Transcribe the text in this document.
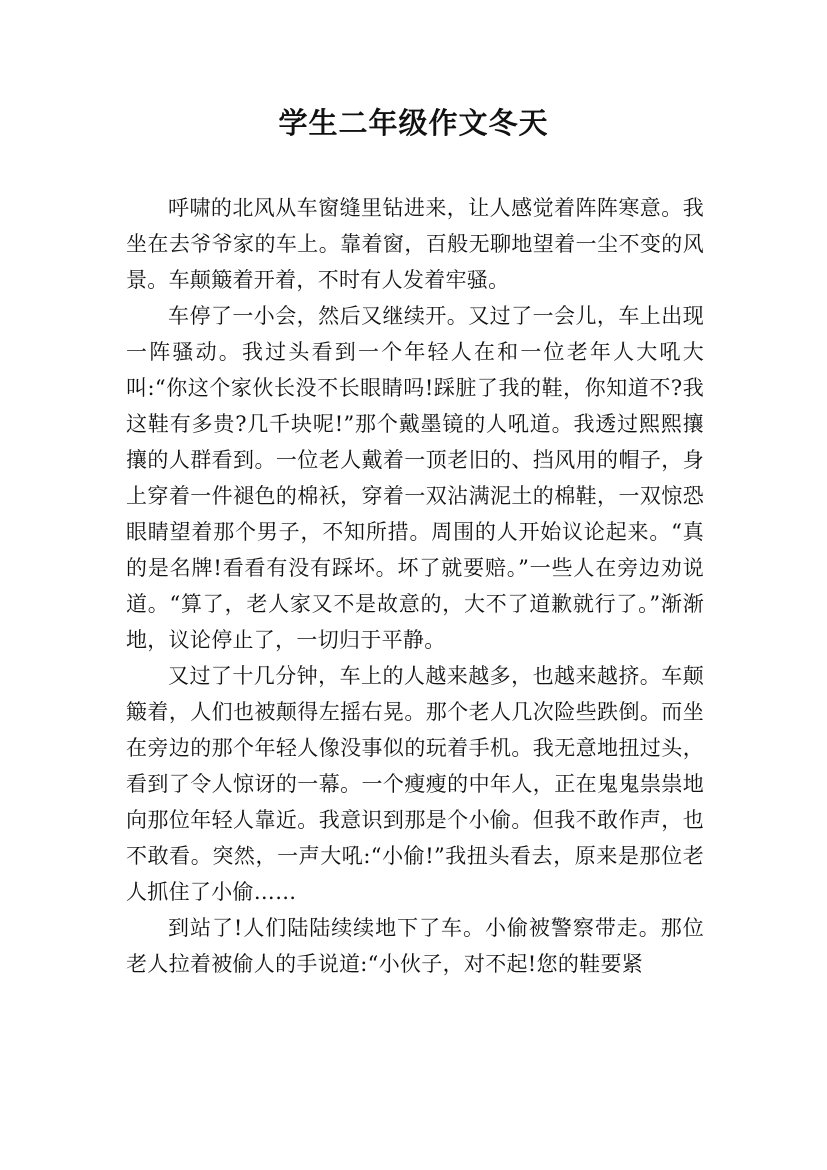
学生二年级作文冬天

呼啸的北风从车窗缝里钻进来，让人感觉着阵阵寒意。我坐在去爷爷家的车上。靠着窗，百般无聊地望着一尘不变的风景。车颠簸着开着，不时有人发着牢骚。

车停了一小会，然后又继续开。又过了一会儿，车上出现一阵骚动。我过头看到一个年轻人在和一位老年人大吼大叫:“你这个家伙长没不长眼睛吗!踩脏了我的鞋，你知道不?我这鞋有多贵?几千块呢!”那个戴墨镜的人吼道。我透过熙熙攘攘的人群看到。一位老人戴着一顶老旧的、挡风用的帽子，身上穿着一件褪色的棉袄，穿着一双沾满泥土的棉鞋，一双惊恐眼睛望着那个男子，不知所措。周围的人开始议论起来。“真的是名牌!看看有没有踩坏。坏了就要赔。”一些人在旁边劝说道。“算了，老人家又不是故意的，大不了道歉就行了。”渐渐地，议论停止了，一切归于平静。

又过了十几分钟，车上的人越来越多，也越来越挤。车颠簸着，人们也被颠得左摇右晃。那个老人几次险些跌倒。而坐在旁边的那个年轻人像没事似的玩着手机。我无意地扭过头，看到了令人惊讶的一幕。一个瘦瘦的中年人，正在鬼鬼祟祟地向那位年轻人靠近。我意识到那是个小偷。但我不敢作声，也不敢看。突然，一声大吼:“小偷!”我扭头看去，原来是那位老人抓住了小偷……

到站了!人们陆陆续续地下了车。小偷被警察带走。那位老人拉着被偷人的手说道:“小伙子，对不起!您的鞋要紧
